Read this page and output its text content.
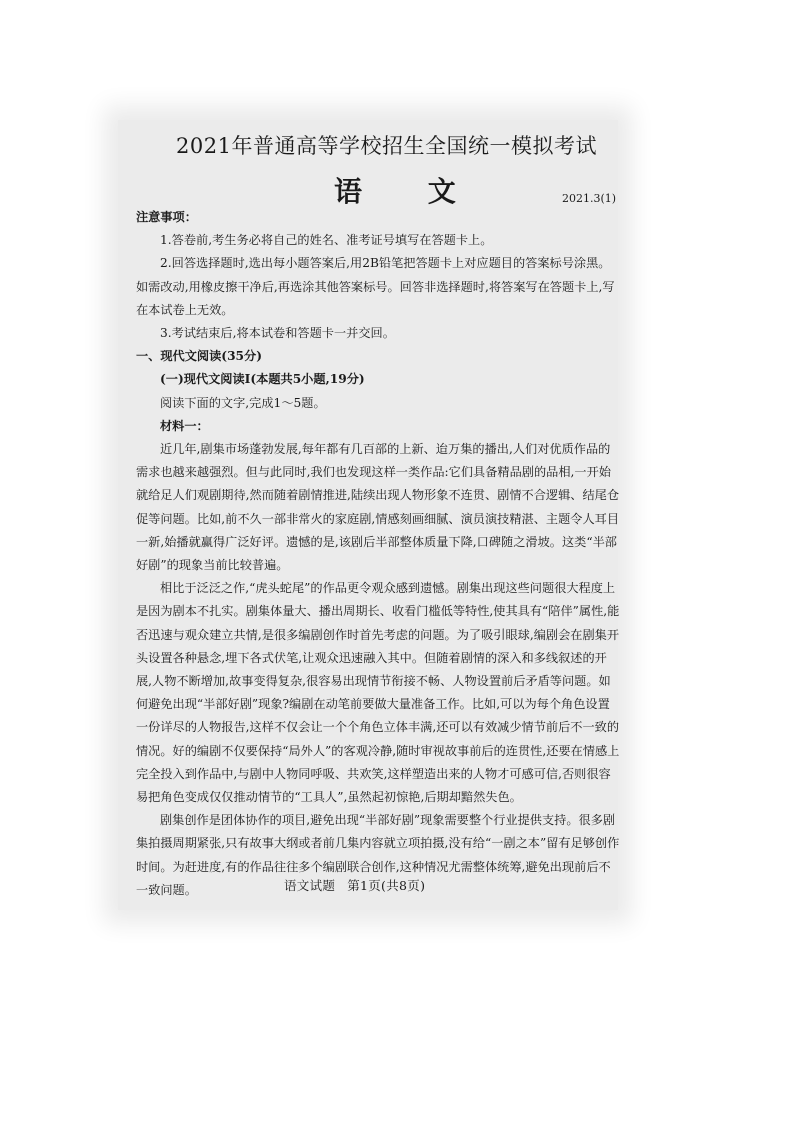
2021年普通高等学校招生全国统一模拟考试
语 文	2021.3(1)

注意事项：

1.答卷前,考生务必将自己的姓名、准考证号填写在答题卡上。

2.回答选择题时,选出每小题答案后,用2B铅笔把答题卡上对应题目的答案标号涂黑。如需改动,用橡皮擦干净后,再选涂其他答案标号。回答非选择题时,将答案写在答题卡上,写在本试卷上无效。

3.考试结束后,将本试卷和答题卡一并交回。

一、现代文阅读(35分)

(一)现代文阅读Ⅰ(本题共5小题,19分)

阅读下面的文字,完成1～5题。

材料一：

近几年,剧集市场蓬勃发展,每年都有几百部的上新、迨万集的播出,人们对优质作品的需求也越来越强烈。但与此同时,我们也发现这样一类作品:它们具备精品剧的品相,一开始就给足人们观剧期待,然而随着剧情推进,陆续出现人物形象不连贯、剧情不合逻辑、结尾仓促等问题。比如,前不久一部非常火的家庭剧,情感刻画细腻、演员演技精湛、主题令人耳目一新,始播就赢得广泛好评。遗憾的是,该剧后半部整体质量下降,口碑随之滑坡。这类“半部好剧”的现象当前比较普遍。

相比于泛泛之作,“虎头蛇尾”的作品更令观众感到遗憾。剧集出现这些问题很大程度上是因为剧本不扎实。剧集体量大、播出周期长、收看门槛低等特性,使其具有“陪伴”属性,能否迅速与观众建立共情,是很多编剧创作时首先考虑的问题。为了吸引眼球,编剧会在剧集开头设置各种悬念,埋下各式伏笔,让观众迅速融入其中。但随着剧情的深入和多线叙述的开展,人物不断增加,故事变得复杂,很容易出现情节衔接不畅、人物设置前后矛盾等问题。如何避免出现“半部好剧”现象?编剧在动笔前要做大量准备工作。比如,可以为每个角色设置一份详尽的人物报告,这样不仅会让一个个角色立体丰满,还可以有效减少情节前后不一致的情况。好的编剧不仅要保持“局外人”的客观冷静,随时审视故事前后的连贯性,还要在情感上完全投入到作品中,与剧中人物同呼吸、共欢笑,这样塑造出来的人物才可感可信,否则很容易把角色变成仅仅推动情节的“工具人”,虽然起初惊艳,后期却黯然失色。

剧集创作是团体协作的项目,避免出现“半部好剧”现象需要整个行业提供支持。很多剧集拍摄周期紧张,只有故事大纲或者前几集内容就立项拍摄,没有给“一剧之本”留有足够创作时间。为赶进度,有的作品往往多个编剧联合创作,这种情况尤需整体统筹,避免出现前后不一致问题。	语文试题 第1页(共8页)
